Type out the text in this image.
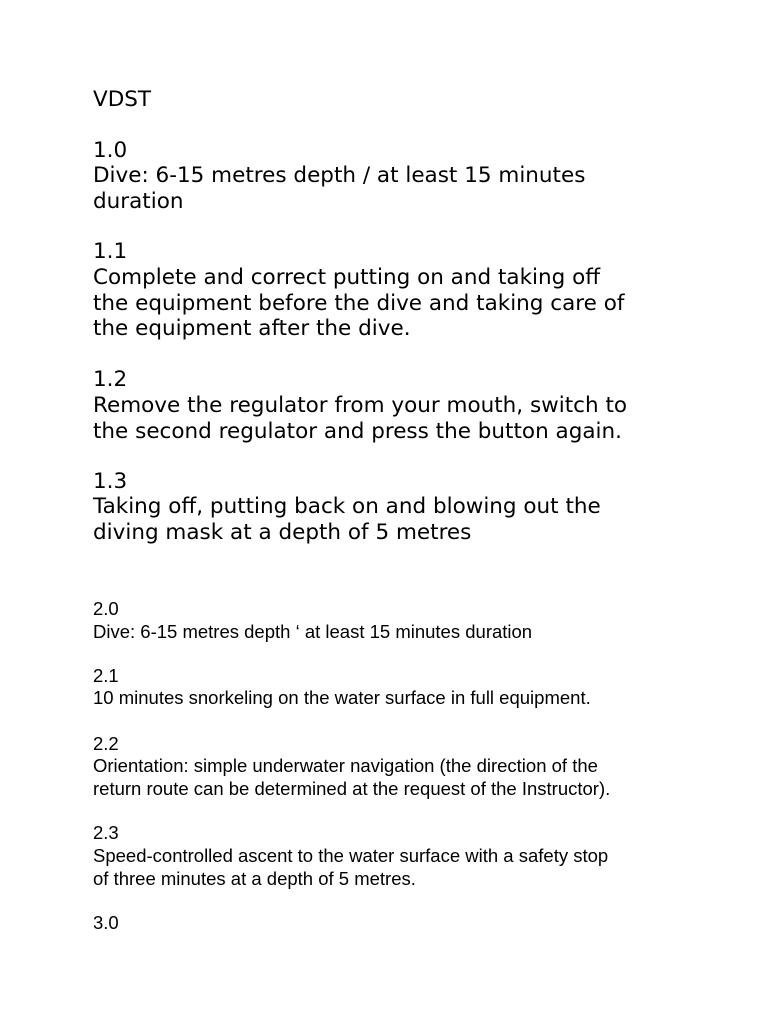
VDST
1.0
Dive: 6-15 metres depth / at least 15 minutes
duration
1.1
Complete and correct putting on and taking off
the equipment before the dive and taking care of
the equipment after the dive.
1.2
Remove the regulator from your mouth, switch to
the second regulator and press the button again.
1.3
Taking off, putting back on and blowing out the
diving mask at a depth of 5 metres
2.0
Dive: 6-15 metres depth ‘ at least 15 minutes duration
2.1
10 minutes snorkeling on the water surface in full equipment.
2.2
Orientation: simple underwater navigation (the direction of the
return route can be determined at the request of the Instructor).
2.3
Speed-controlled ascent to the water surface with a safety stop
of three minutes at a depth of 5 metres.
3.0
